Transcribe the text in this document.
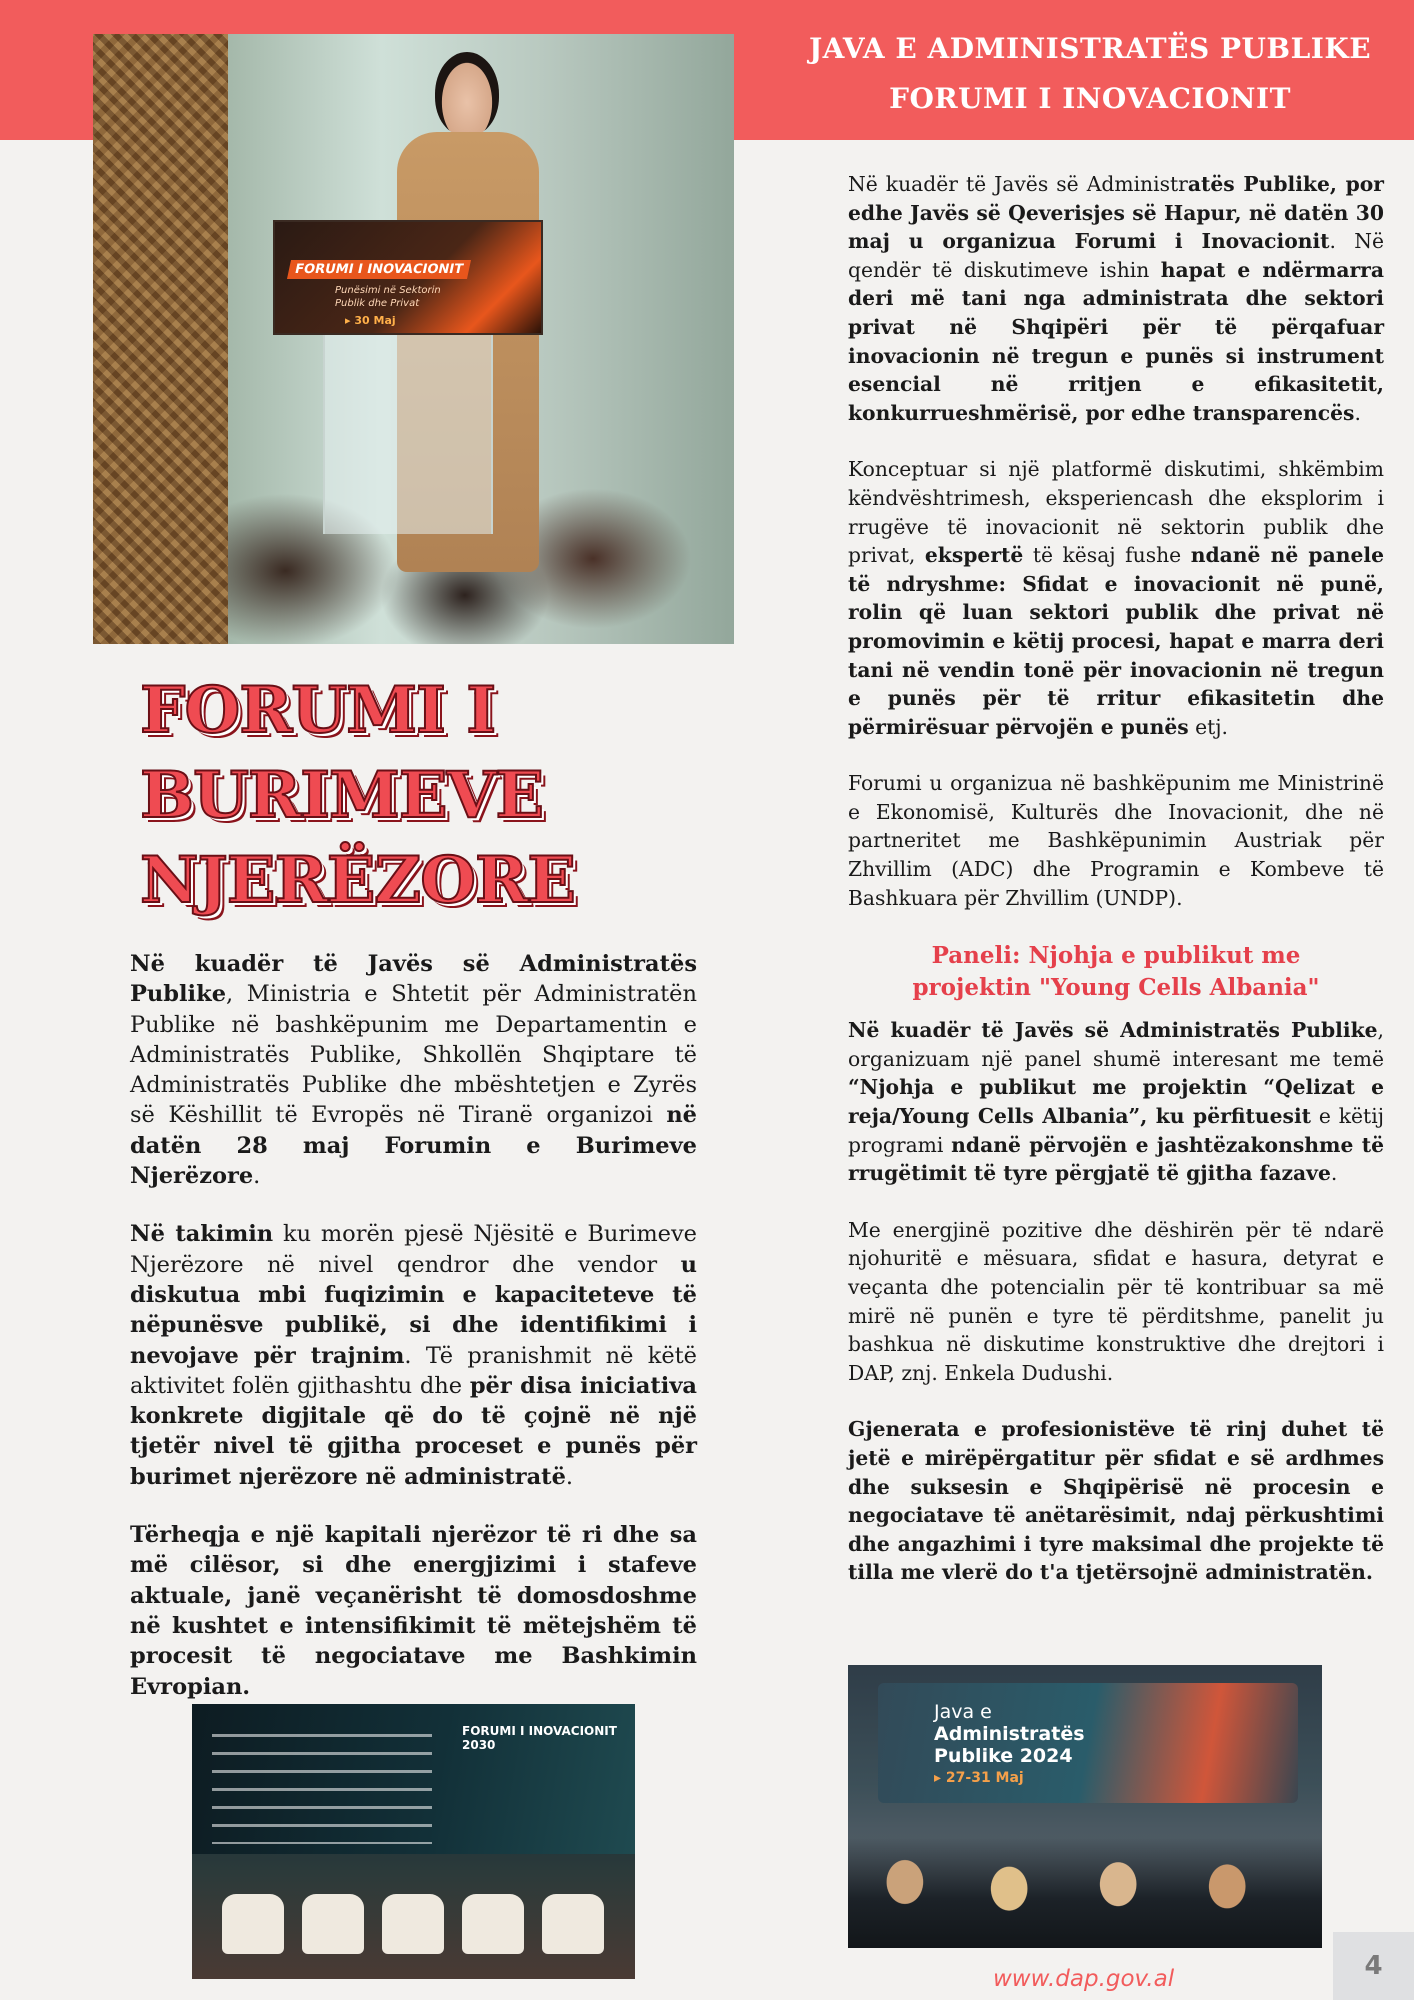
JAVA E ADMINISTRATËS PUBLIKE
FORUMI I INOVACIONIT
FORUMI I INOVACIONIT
Punësimi në Sektorin
Publik dhe Privat
▸ 30 Maj
FORUMI I
BURIMEVE
NJERËZORE

Në kuadër të Javës së Administratës Publike, Ministria e Shtetit për Administratën Publike në bashkëpunim me Departamentin e Administratës Publike, Shkollën Shqiptare të Administratës Publike dhe mbështetjen e Zyrës së Këshillit të Evropës në Tiranë organizoi në datën 28 maj Forumin e Burimeve Njerëzore.

Në takimin ku morën pjesë Njësitë e Burimeve Njerëzore në nivel qendror dhe vendor u diskutua mbi fuqizimin e kapaciteteve të nëpunësve publikë, si dhe identifikimi i nevojave për trajnim. Të pranishmit në këtë aktivitet folën gjithashtu dhe për disa iniciativa konkrete digjitale që do të çojnë në një tjetër nivel të gjitha proceset e punës për burimet njerëzore në administratë.

Tërheqja e një kapitali njerëzor të ri dhe sa më cilësor, si dhe energjizimi i stafeve aktuale, janë veçanërisht të domosdoshme në kushtet e intensifikimit të mëtejshëm të procesit të negociatave me Bashkimin Evropian.

FORUMI I INOVACIONIT 2030

Në kuadër të Javës së Administratës Publike, por edhe Javës së Qeverisjes së Hapur, në datën 30 maj u organizua Forumi i Inovacionit. Në qendër të diskutimeve ishin hapat e ndërmarra deri më tani nga administrata dhe sektori privat në Shqipëri për të përqafuar inovacionin në tregun e punës si instrument esencial në rritjen e efikasitetit, konkurrueshmërisë, por edhe transparencës.

Konceptuar si një platformë diskutimi, shkëmbim këndvështrimesh, eksperiencash dhe eksplorim i rrugëve të inovacionit në sektorin publik dhe privat, ekspertë të kësaj fushe ndanë në panele të ndryshme: Sfidat e inovacionit në punë, rolin që luan sektori publik dhe privat në promovimin e këtij procesi, hapat e marra deri tani në vendin tonë për inovacionin në tregun e punës për të rritur efikasitetin dhe përmirësuar përvojën e punës etj.

Forumi u organizua në bashkëpunim me Ministrinë e Ekonomisë, Kulturës dhe Inovacionit, dhe në partneritet me Bashkëpunimin Austriak për Zhvillim (ADC) dhe Programin e Kombeve të Bashkuara për Zhvillim (UNDP).

Paneli: Njohja e publikut me
projektin "Young Cells Albania"

Në kuadër të Javës së Administratës Publike, organizuam një panel shumë interesant me temë “Njohja e publikut me projektin “Qelizat e reja/Young Cells Albania”, ku përfituesit e këtij programi ndanë përvojën e jashtëzakonshme të rrugëtimit të tyre përgjatë të gjitha fazave.

Me energjinë pozitive dhe dëshirën për të ndarë njohuritë e mësuara, sfidat e hasura, detyrat e veçanta dhe potencialin për të kontribuar sa më mirë në punën e tyre të përditshme, panelit ju bashkua në diskutime konstruktive dhe drejtori i DAP, znj. Enkela Dudushi.

Gjenerata e profesionistëve të rinj duhet të jetë e mirëpërgatitur për sfidat e së ardhmes dhe suksesin e Shqipërisë në procesin e negociatave të anëtarësimit, ndaj përkushtimi dhe angazhimi i tyre maksimal dhe projekte të tilla me vlerë do t'a tjetërsojnë administratën.

Java e
Administratës
Publike 2024
▸ 27-31 Maj
www.dap.gov.al	4
